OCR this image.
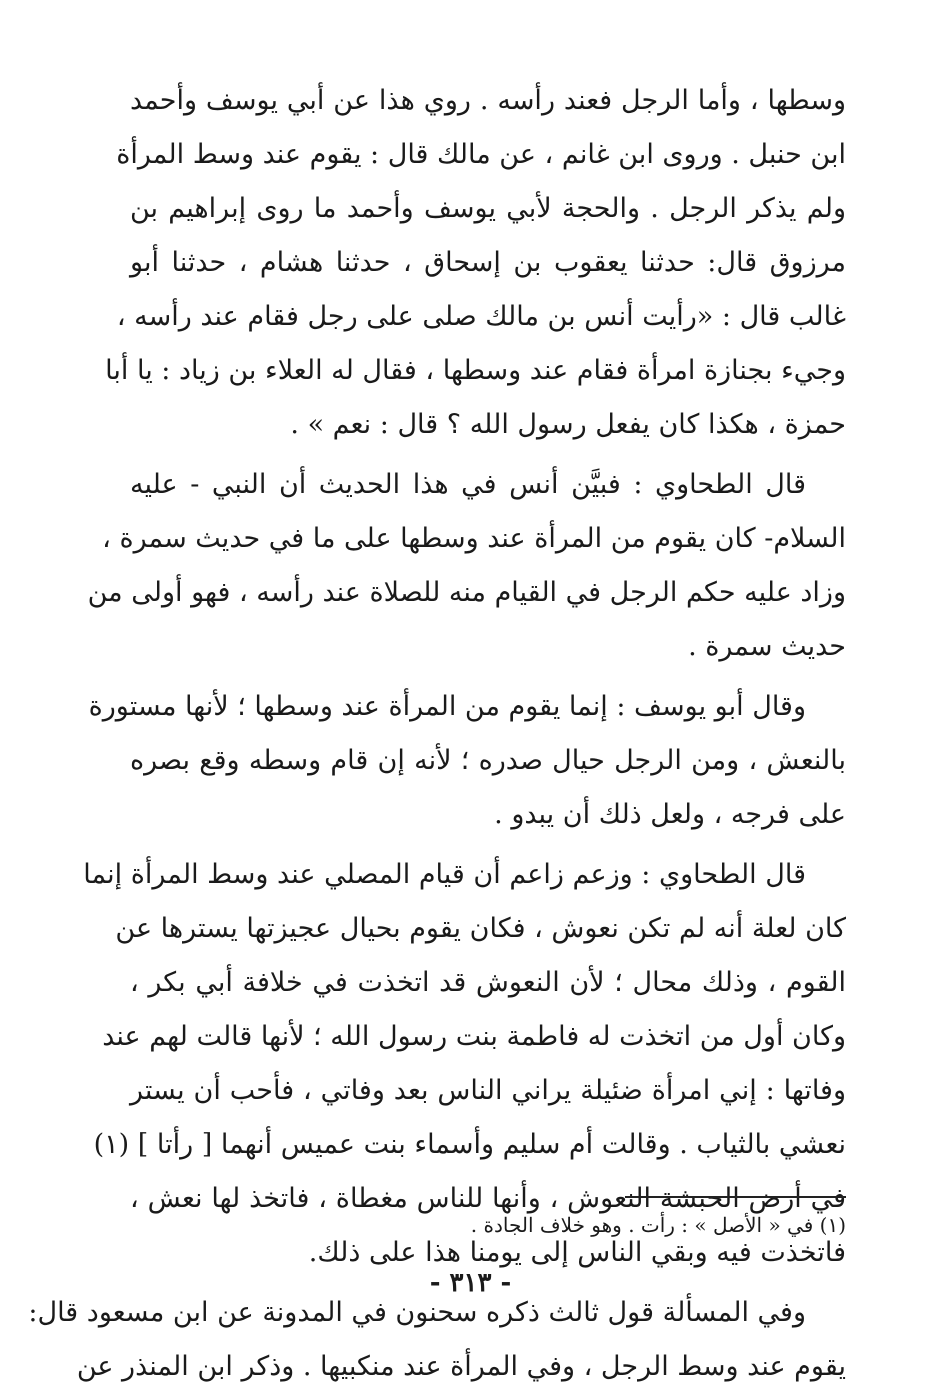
وسطها ، وأما الرجل فعند رأسه . روي هذا عن أبي يوسف وأحمد
ابن حنبل . وروى ابن غانم ، عن مالك قال : يقوم عند وسط المرأة
ولم يذكر الرجل . والحجة لأبي يوسف وأحمد ما روى إبراهيم بن
مرزوق قال: حدثنا يعقوب بن إسحاق ، حدثنا هشام ، حدثنا أبو
غالب قال : «رأيت أنس بن مالك صلى على رجل فقام عند رأسه ،
وجيء بجنازة امرأة فقام عند وسطها ، فقال له العلاء بن زياد : يا أبا
حمزة ، هكذا كان يفعل رسول الله ؟ قال : نعم » .
قال الطحاوي : فبيَّن أنس في هذا الحديث أن النبي - عليه
السلام- كان يقوم من المرأة عند وسطها على ما في حديث سمرة ،
وزاد عليه حكم الرجل في القيام منه للصلاة عند رأسه ، فهو أولى من
حديث سمرة .
وقال أبو يوسف : إنما يقوم من المرأة عند وسطها ؛ لأنها مستورة
بالنعش ، ومن الرجل حيال صدره ؛ لأنه إن قام وسطه وقع بصره
على فرجه ، ولعل ذلك أن يبدو .
قال الطحاوي : وزعم زاعم أن قيام المصلي عند وسط المرأة إنما
كان لعلة أنه لم تكن نعوش ، فكان يقوم بحيال عجيزتها يسترها عن
القوم ، وذلك محال ؛ لأن النعوش قد اتخذت في خلافة أبي بكر ،
وكان أول من اتخذت له فاطمة بنت رسول الله ؛ لأنها قالت لهم عند
وفاتها : إني امرأة ضئيلة يراني الناس بعد وفاتي ، فأحب أن يستر
نعشي بالثياب . وقالت أم سليم وأسماء بنت عميس أنهما [ رأتا ] (١)
في أرض الحبشة النعوش ، وأنها للناس مغطاة ، فاتخذ لها نعش ،
فاتخذت فيه وبقي الناس إلى يومنا هذا على ذلك.
وفي المسألة قول ثالث ذكره سحنون في المدونة عن ابن مسعود قال:
يقوم عند وسط الرجل ، وفي المرأة عند منكبيها . وذكر ابن المنذر عن
(١) في « الأصل » : رأت . وهو خلاف الجادة .
- ٣١٣ -
